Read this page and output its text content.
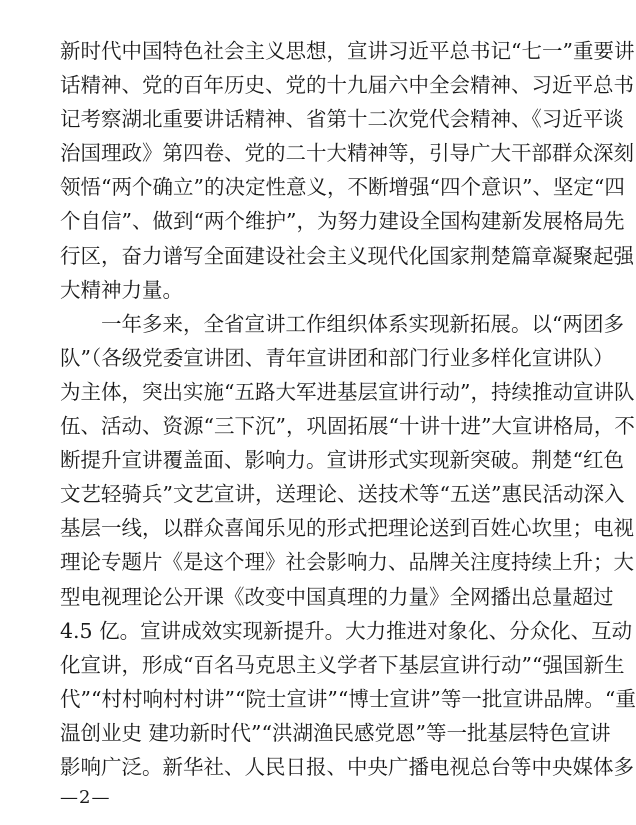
新时代中国特色社会主义思想，宣讲习近平总书记“七一”重要讲
话精神、党的百年历史、党的十九届六中全会精神、习近平总书
记考察湖北重要讲话精神、省第十二次党代会精神、《习近平谈
治国理政》第四卷、党的二十大精神等，引导广大干部群众深刻
领悟“两个确立”的决定性意义，不断增强“四个意识”、坚定“四
个自信”、做到“两个维护”，为努力建设全国构建新发展格局先
行区，奋力谱写全面建设社会主义现代化国家荆楚篇章凝聚起强
大精神力量。
一年多来，全省宣讲工作组织体系实现新拓展。以“两团多
队”（各级党委宣讲团、青年宣讲团和部门行业多样化宣讲队）
为主体，突出实施“五路大军进基层宣讲行动”，持续推动宣讲队
伍、活动、资源“三下沉”，巩固拓展“十讲十进”大宣讲格局，不
断提升宣讲覆盖面、影响力。宣讲形式实现新突破。荆楚“红色
文艺轻骑兵”文艺宣讲，送理论、送技术等“五送”惠民活动深入
基层一线，以群众喜闻乐见的形式把理论送到百姓心坎里；电视
理论专题片《是这个理》社会影响力、品牌关注度持续上升；大
型电视理论公开课《改变中国真理的力量》全网播出总量超过
4.5 亿。宣讲成效实现新提升。大力推进对象化、分众化、互动
化宣讲，形成“百名马克思主义学者下基层宣讲行动”“强国新生
代”“村村响村村讲”“院士宣讲”“博士宣讲”等一批宣讲品牌。“重
温创业史 建功新时代”“洪湖渔民感党恩”等一批基层特色宣讲
影响广泛。新华社、人民日报、中央广播电视总台等中央媒体多
—2—
